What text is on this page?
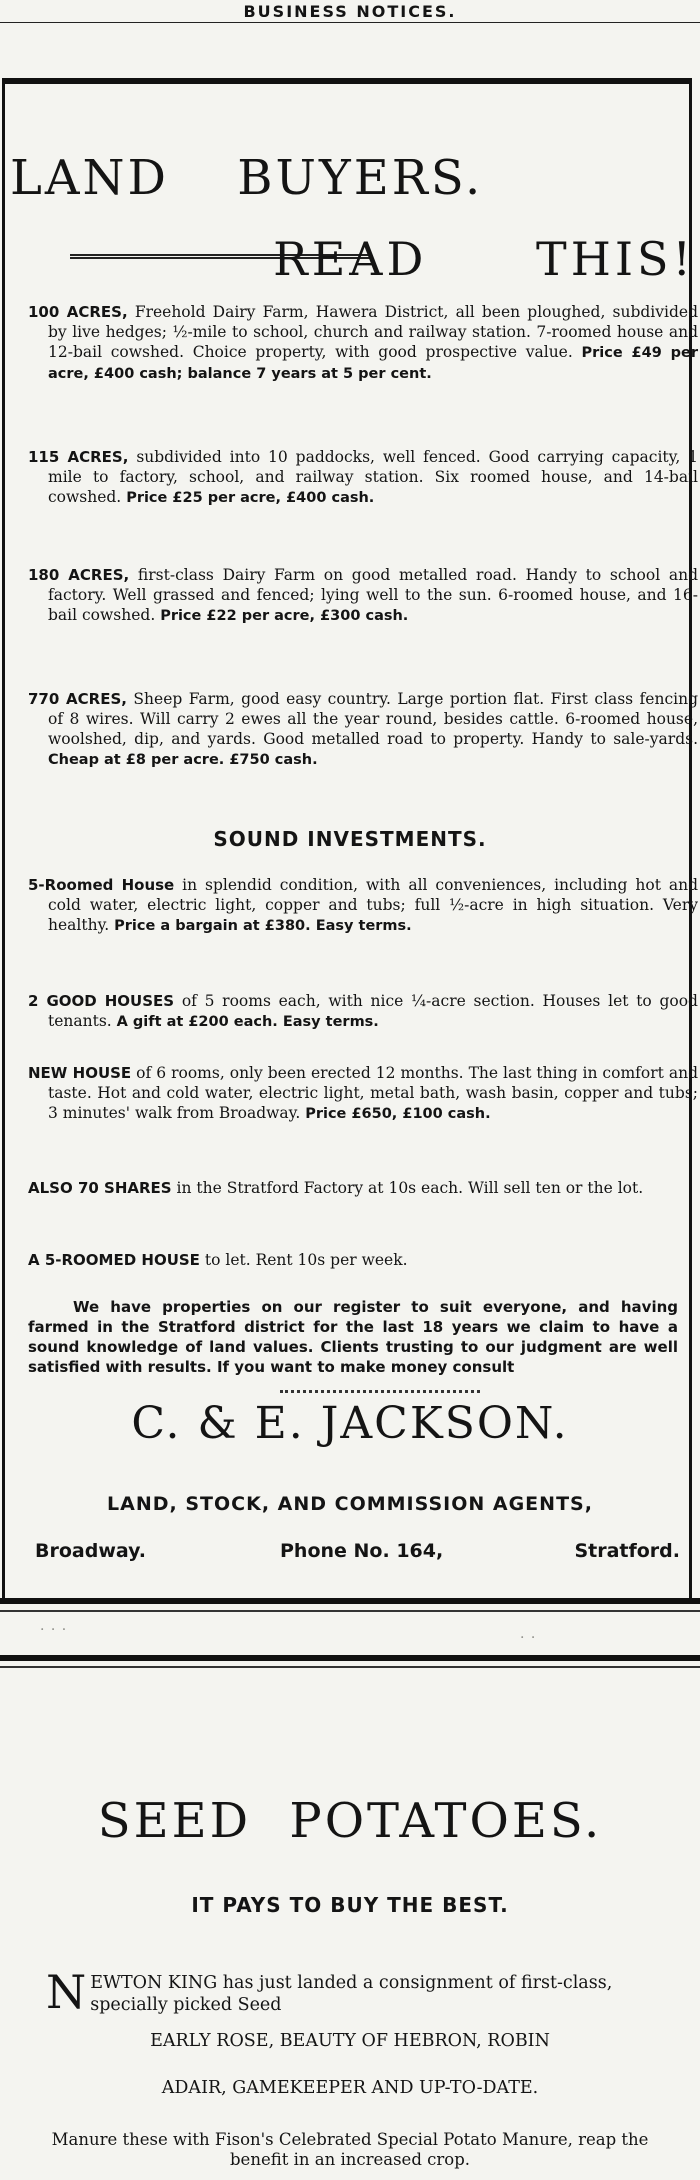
BUSINESS NOTICES.
LAND BUYERS.
READ THIS!
100 ACRES, Freehold Dairy Farm, Hawera District, all been ploughed, subdivided by live hedges; ½-mile to school, church and railway station. 7-roomed house and 12-bail cowshed. Choice property, with good prospective value. Price £49 per acre, £400 cash; balance 7 years at 5 per cent.
115 ACRES, subdivided into 10 paddocks, well fenced. Good carrying capacity, 1 mile to factory, school, and railway station. Six roomed house, and 14-bail cowshed. Price £25 per acre, £400 cash.
180 ACRES, first-class Dairy Farm on good metalled road. Handy to school and factory. Well grassed and fenced; lying well to the sun. 6-roomed house, and 16-bail cowshed. Price £22 per acre, £300 cash.
770 ACRES, Sheep Farm, good easy country. Large portion flat. First class fencing of 8 wires. Will carry 2 ewes all the year round, besides cattle. 6-roomed house, woolshed, dip, and yards. Good metalled road to property. Handy to sale-yards. Cheap at £8 per acre. £750 cash.
SOUND INVESTMENTS.
5-Roomed House in splendid condition, with all conveniences, including hot and cold water, electric light, copper and tubs; full ½-acre in high situation. Very healthy. Price a bargain at £380. Easy terms.
2 GOOD HOUSES of 5 rooms each, with nice ¼-acre section. Houses let to good tenants. A gift at £200 each. Easy terms.
NEW HOUSE of 6 rooms, only been erected 12 months. The last thing in comfort and taste. Hot and cold water, electric light, metal bath, wash basin, copper and tubs; 3 minutes' walk from Broadway. Price £650, £100 cash.
ALSO 70 SHARES in the Stratford Factory at 10s each. Will sell ten or the lot.
A 5-ROOMED HOUSE to let. Rent 10s per week.
We have properties on our register to suit everyone, and having farmed in the Stratford district for the last 18 years we claim to have a sound knowledge of land values. Clients trusting to our judgment are well satisfied with results. If you want to make money consult
C. & E. JACKSON.
LAND, STOCK, AND COMMISSION AGENTS,
Broadway.	Phone No. 164,	Stratford.
· · ·	· ·
SEED POTATOES.
IT PAYS TO BUY THE BEST.
N EWTON KING has just landed a consignment of first-class, specially picked Seed
EARLY ROSE, BEAUTY OF HEBRON, ROBIN
ADAIR, GAMEKEEPER AND UP-TO-DATE.
Manure these with Fison's Celebrated Special Potato Manure, reap the benefit in an increased crop.
